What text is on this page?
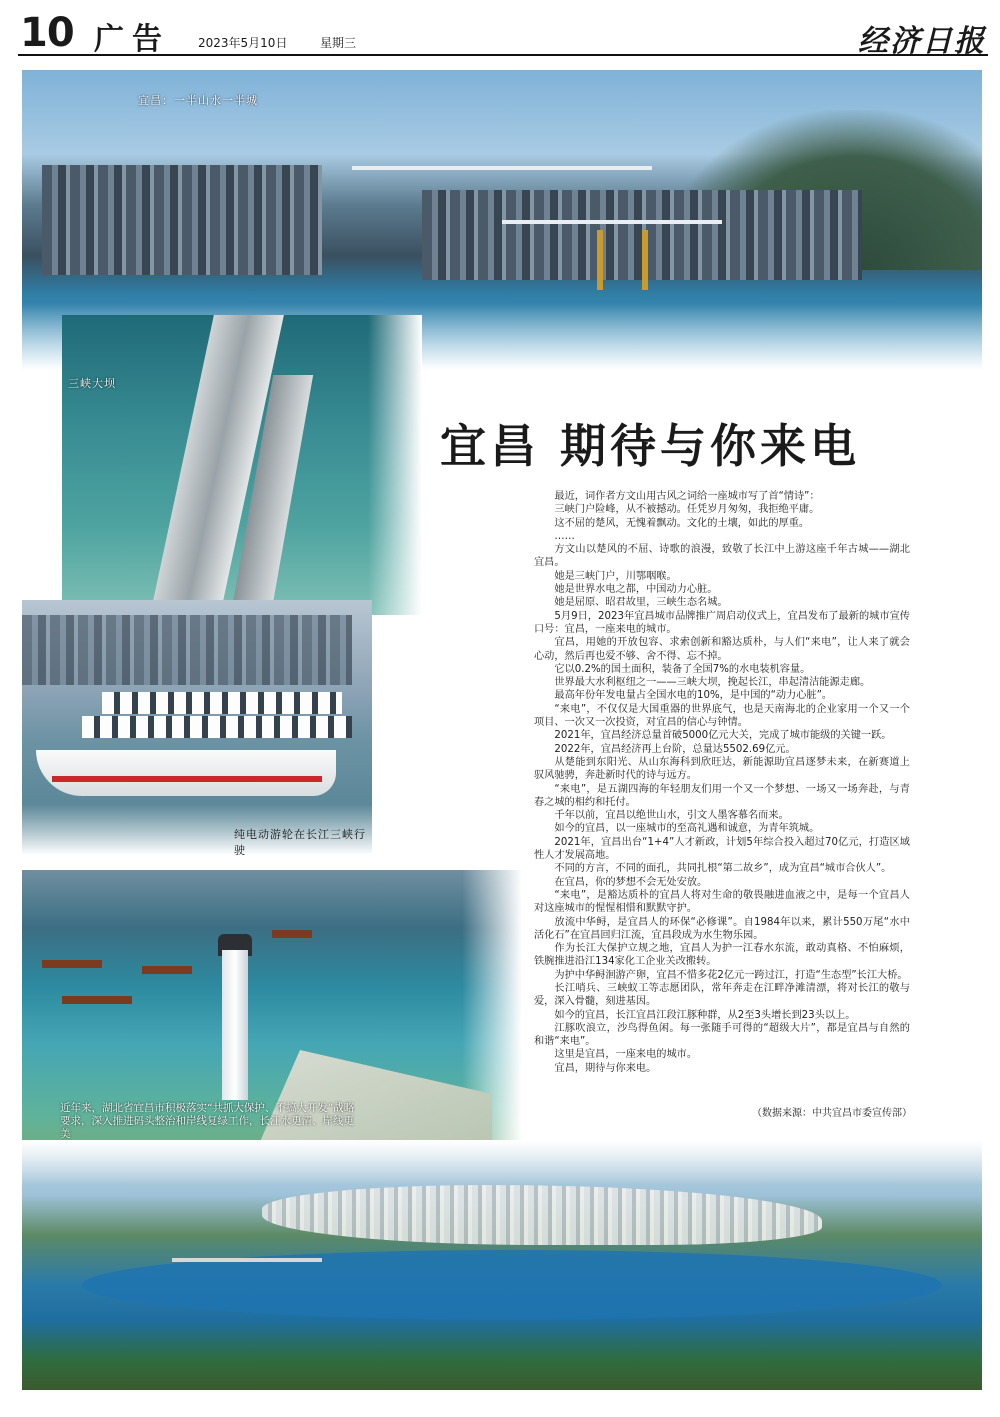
10 广告 2023年5月10日	星期三	经济日报
宜昌：一半山水一半城
三峡大坝
纯电动游轮在长江三峡行驶
近年来，湖北省宜昌市积极落实“共抓大保护、不搞大开发”战略要求，深入推进码头整治和岸线复绿工作，长江水更清、岸线更美
宜昌 期待与你来电

最近，词作者方文山用古风之词给一座城市写了首“情诗”：

三峡门户险峰，从不被撼动。任凭岁月匆匆，我拒绝平庸。

这不屈的楚风，无愧着飘动。文化的土壤，如此的厚重。

……

方文山以楚风的不屈、诗歌的浪漫，致敬了长江中上游这座千年古城——湖北宜昌。

她是三峡门户，川鄂咽喉。

她是世界水电之都，中国动力心脏。

她是屈原、昭君故里，三峡生态名城。

5月9日，2023年宜昌城市品牌推广周启动仪式上，宜昌发布了最新的城市宣传口号：宜昌，一座来电的城市。

宜昌，用她的开放包容、求索创新和豁达质朴，与人们“来电”，让人来了就会心动，然后再也爱不够、舍不得、忘不掉。

它以0.2%的国土面积，装备了全国7%的水电装机容量。

世界最大水利枢纽之一——三峡大坝，挽起长江，串起清洁能源走廊。

最高年份年发电量占全国水电的10%，是中国的“动力心脏”。

“来电”，不仅仅是大国重器的世界底气，也是天南海北的企业家用一个又一个项目、一次又一次投资，对宜昌的信心与钟情。

2021年，宜昌经济总量首破5000亿元大关，完成了城市能级的关键一跃。

2022年，宜昌经济再上台阶，总量达5502.69亿元。

从楚能到东阳光、从山东海科到欣旺达，新能源助宜昌逐梦未来，在新赛道上驭风驰骋，奔赴新时代的诗与远方。

“来电”，是五湖四海的年轻朋友们用一个又一个梦想、一场又一场奔赴，与青春之城的相约和托付。

千年以前，宜昌以绝世山水，引文人墨客慕名而来。

如今的宜昌，以一座城市的至高礼遇和诚意，为青年筑城。

2021年，宜昌出台“1+4”人才新政，计划5年综合投入超过70亿元，打造区域性人才发展高地。

不同的方言，不同的面孔，共同扎根“第二故乡”，成为宜昌“城市合伙人”。

在宜昌，你的梦想不会无处安放。

“来电”，是豁达质朴的宜昌人将对生命的敬畏融进血液之中，是每一个宜昌人对这座城市的惺惺相惜和默默守护。

放流中华鲟，是宜昌人的环保“必修课”。自1984年以来，累计550万尾“水中活化石”在宜昌回归江流，宜昌段成为水生物乐园。

作为长江大保护立规之地，宜昌人为护一江春水东流，敢动真格、不怕麻烦，铁腕推进沿江134家化工企业关改搬转。

为护中华鲟洄游产卵，宜昌不惜多花2亿元一跨过江，打造“生态型”长江大桥。

长江哨兵、三峡蚁工等志愿团队，常年奔走在江畔净滩清漂，将对长江的敬与爱，深入骨髓，刻进基因。

如今的宜昌，长江宜昌江段江豚种群，从2至3头增长到23头以上。

江豚吹浪立，沙鸟得鱼闲。每一张随手可得的“超级大片”，都是宜昌与自然的和谐“来电”。

这里是宜昌，一座来电的城市。

宜昌，期待与你来电。

（数据来源：中共宜昌市委宣传部）
